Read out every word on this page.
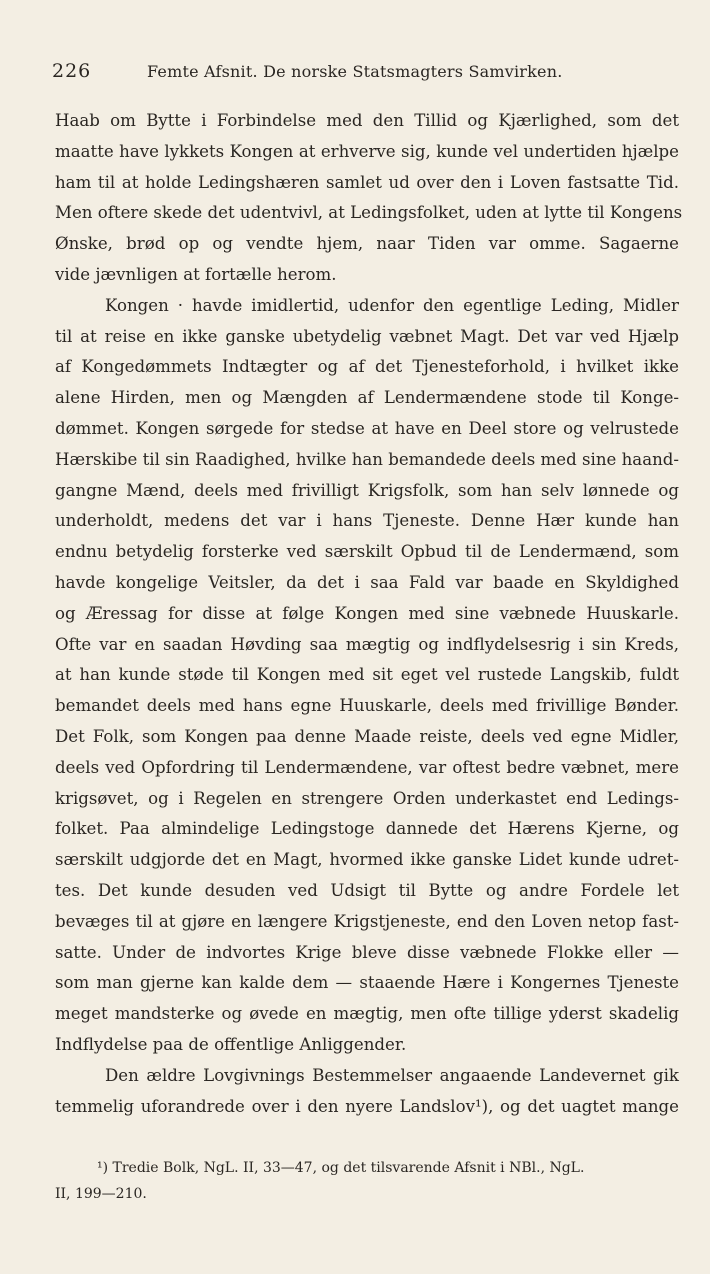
226	Femte Afsnit. De norske Statsmagters Samvirken.
Haab om Bytte i Forbindelse med den Tillid og Kjærlighed, som det
maatte have lykkets Kongen at erhverve sig, kunde vel undertiden hjælpe
ham til at holde Ledingshæren samlet ud over den i Loven fastsatte Tid.
Men oftere skede det udentvivl, at Ledingsfolket, uden at lytte til Kongens
Ønske, brød op og vendte hjem, naar Tiden var omme. Sagaerne
vide jævnligen at fortælle herom.
Kongen · havde imidlertid, udenfor den egentlige Leding, Midler
til at reise en ikke ganske ubetydelig væbnet Magt. Det var ved Hjælp
af Kongedømmets Indtægter og af det Tjenesteforhold, i hvilket ikke
alene Hirden, men og Mængden af Lendermændene stode til Konge-
dømmet. Kongen sørgede for stedse at have en Deel store og velrustede
Hærskibe til sin Raadighed, hvilke han bemandede deels med sine haand-
gangne Mænd, deels med frivilligt Krigsfolk, som han selv lønnede og
underholdt, medens det var i hans Tjeneste. Denne Hær kunde han
endnu betydelig forsterke ved særskilt Opbud til de Lendermænd, som
havde kongelige Veitsler, da det i saa Fald var baade en Skyldighed
og Æressag for disse at følge Kongen med sine væbnede Huuskarle.
Ofte var en saadan Høvding saa mægtig og indflydelsesrig i sin Kreds,
at han kunde støde til Kongen med sit eget vel rustede Langskib, fuldt
bemandet deels med hans egne Huuskarle, deels med frivillige Bønder.
Det Folk, som Kongen paa denne Maade reiste, deels ved egne Midler,
deels ved Opfordring til Lendermændene, var oftest bedre væbnet, mere
krigsøvet, og i Regelen en strengere Orden underkastet end Ledings-
folket. Paa almindelige Ledingstoge dannede det Hærens Kjerne, og
særskilt udgjorde det en Magt, hvormed ikke ganske Lidet kunde udret-
tes. Det kunde desuden ved Udsigt til Bytte og andre Fordele let
bevæges til at gjøre en længere Krigstjeneste, end den Loven netop fast-
satte. Under de indvortes Krige bleve disse væbnede Flokke eller —
som man gjerne kan kalde dem — staaende Hære i Kongernes Tjeneste
meget mandsterke og øvede en mægtig, men ofte tillige yderst skadelig
Indflydelse paa de offentlige Anliggender.
Den ældre Lovgivnings Bestemmelser angaaende Landevernet gik
temmelig uforandrede over i den nyere Landslov¹), og det uagtet mange
¹) Tredie Bolk, NgL. II, 33—47, og det tilsvarende Afsnit i NBl., NgL.
II, 199—210.
